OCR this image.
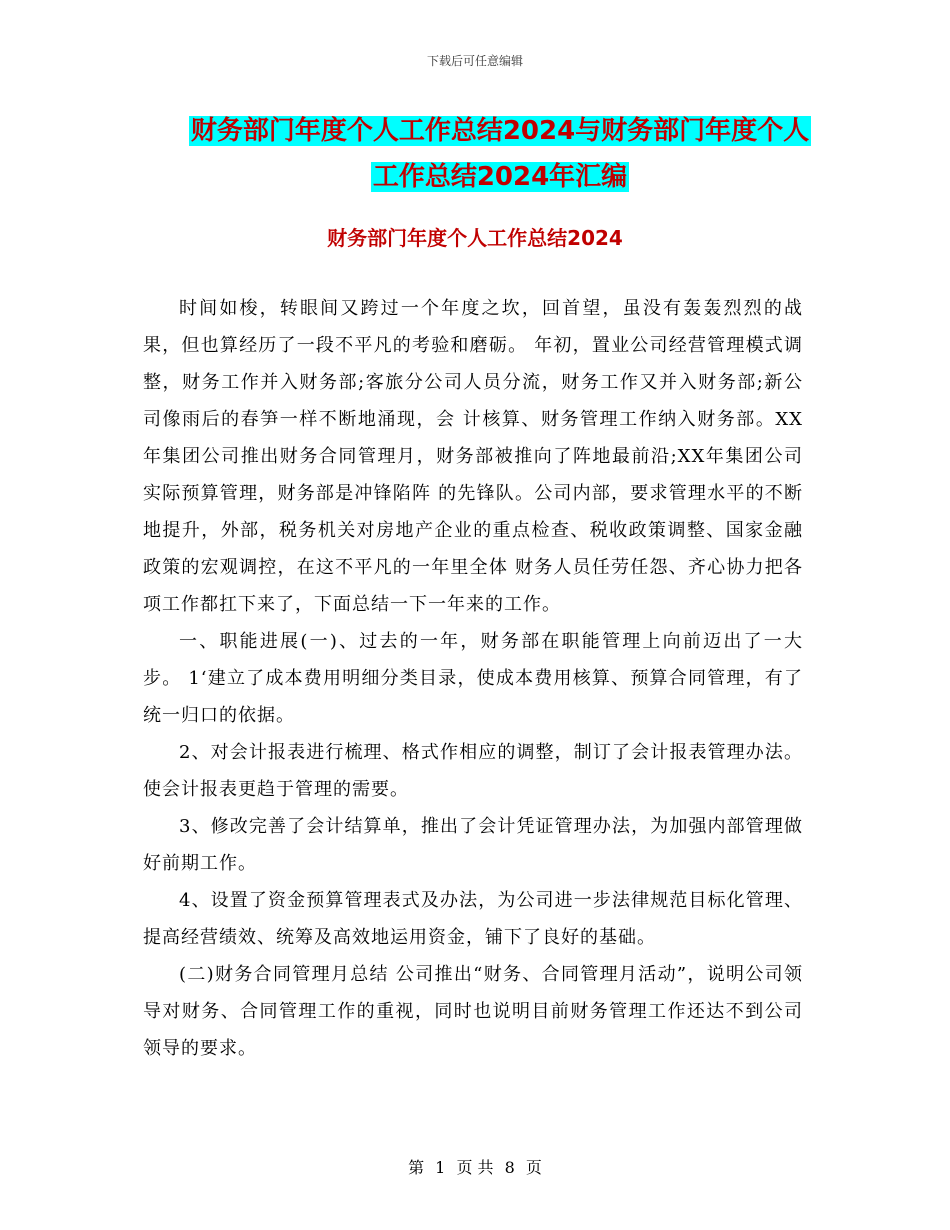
下载后可任意编辑
财务部门年度个人工作总结2024与财务部门年度个人
工作总结2024年汇编
财务部门年度个人工作总结2024

时间如梭，转眼间又跨过一个年度之坎，回首望，虽没有轰轰烈烈的战果，但也算经历了一段不平凡的考验和磨砺。 年初，置业公司经营管理模式调整，财务工作并入财务部;客旅分公司人员分流，财务工作又并入财务部;新公司像雨后的春笋一样不断地涌现，会 计核算、财务管理工作纳入财务部。XX年集团公司推出财务合同管理月，财务部被推向了阵地最前沿;XX年集团公司实际预算管理，财务部是冲锋陷阵 的先锋队。公司内部，要求管理水平的不断地提升，外部，税务机关对房地产企业的重点检查、税收政策调整、国家金融政策的宏观调控，在这不平凡的一年里全体 财务人员任劳任怨、齐心协力把各项工作都扛下来了，下面总结一下一年来的工作。

一、职能进展(一)、过去的一年，财务部在职能管理上向前迈出了一大步。 1‘建立了成本费用明细分类目录，使成本费用核算、预算合同管理，有了统一归口的依据。

2、对会计报表进行梳理、格式作相应的调整，制订了会计报表管理办法。使会计报表更趋于管理的需要。

3、修改完善了会计结算单，推出了会计凭证管理办法，为加强内部管理做好前期工作。

4、设置了资金预算管理表式及办法，为公司进一步法律规范目标化管理、提高经营绩效、统筹及高效地运用资金，铺下了良好的基础。

(二)财务合同管理月总结 公司推出“财务、合同管理月活动”，说明公司领导对财务、合同管理工作的重视，同时也说明目前财务管理工作还达不到公司领导的要求。

第 1 页 共 8 页
